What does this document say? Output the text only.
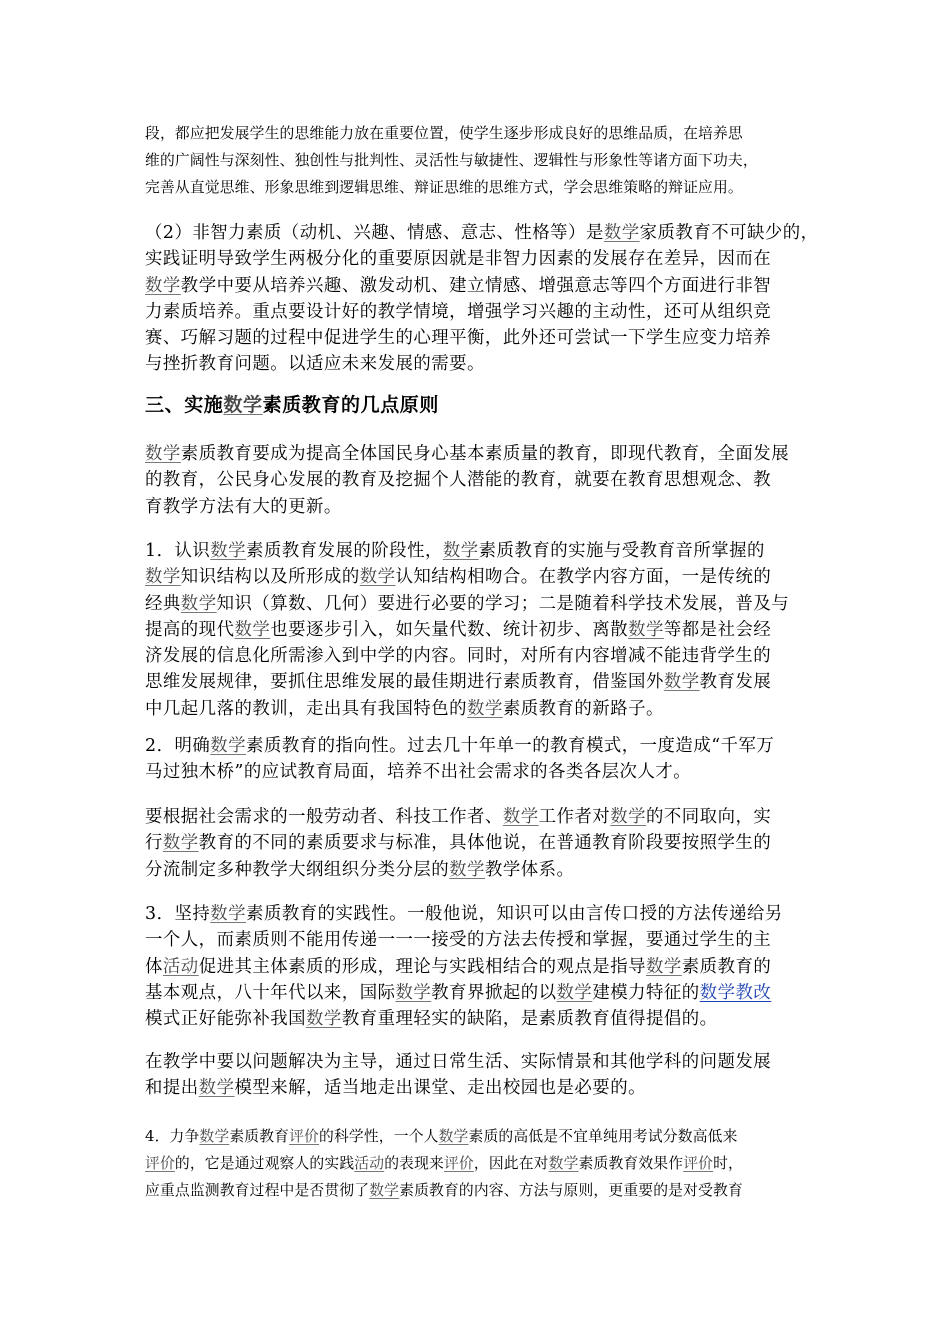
段，都应把发展学生的思维能力放在重要位置，使学生逐步形成良好的思维品质，在培养思
维的广阔性与深刻性、独创性与批判性、灵活性与敏捷性、逻辑性与形象性等诸方面下功夫，
完善从直觉思维、形象思维到逻辑思维、辩证思维的思维方式，学会思维策略的辩证应用。
（2）非智力素质（动机、兴趣、情感、意志、性格等）是数学家质教育不可缺少的，
实践证明导致学生两极分化的重要原因就是非智力因素的发展存在差异，因而在
数学教学中要从培养兴趣、激发动机、建立情感、增强意志等四个方面进行非智
力素质培养。重点要设计好的教学情境，增强学习兴趣的主动性，还可从组织竞
赛、巧解习题的过程中促进学生的心理平衡，此外还可尝试一下学生应变力培养
与挫折教育问题。以适应未来发展的需要。
三、实施数学素质教育的几点原则
数学素质教育要成为提高全体国民身心基本素质量的教育，即现代教育，全面发展
的教育，公民身心发展的教育及挖掘个人潜能的教育，就要在教育思想观念、教
育教学方法有大的更新。
1．认识数学素质教育发展的阶段性，数学素质教育的实施与受教育音所掌握的
数学知识结构以及所形成的数学认知结构相吻合。在教学内容方面，一是传统的
经典数学知识（算数、几何）要进行必要的学习；二是随着科学技术发展，普及与
提高的现代数学也要逐步引入，如矢量代数、统计初步、离散数学等都是社会经
济发展的信息化所需渗入到中学的内容。同时，对所有内容增减不能违背学生的
思维发展规律，要抓住思维发展的最佳期进行素质教育，借鉴国外数学教育发展
中几起几落的教训，走出具有我国特色的数学素质教育的新路子。
2．明确数学素质教育的指向性。过去几十年单一的教育模式，一度造成“千军万
马过独木桥”的应试教育局面，培养不出社会需求的各类各层次人才。
要根据社会需求的一般劳动者、科技工作者、数学工作者对数学的不同取向，实
行数学教育的不同的素质要求与标准，具体他说，在普通教育阶段要按照学生的
分流制定多种教学大纲组织分类分层的数学教学体系。
3．坚持数学素质教育的实践性。一般他说，知识可以由言传口授的方法传递给另
一个人，而素质则不能用传递一一一接受的方法去传授和掌握，要通过学生的主
体活动促进其主体素质的形成，理论与实践相结合的观点是指导数学素质教育的
基本观点，八十年代以来，国际数学教育界掀起的以数学建模力特征的数学教改
模式正好能弥补我国数学教育重理轻实的缺陷，是素质教育值得提倡的。
在教学中要以问题解决为主导，通过日常生活、实际情景和其他学科的问题发展
和提出数学模型来解，适当地走出课堂、走出校园也是必要的。
4．力争数学素质教育评价的科学性，一个人数学素质的高低是不宜单纯用考试分数高低来
评价的，它是通过观察人的实践活动的表现来评价，因此在对数学素质教育效果作评价时，
应重点监测教育过程中是否贯彻了数学素质教育的内容、方法与原则，更重要的是对受教育
